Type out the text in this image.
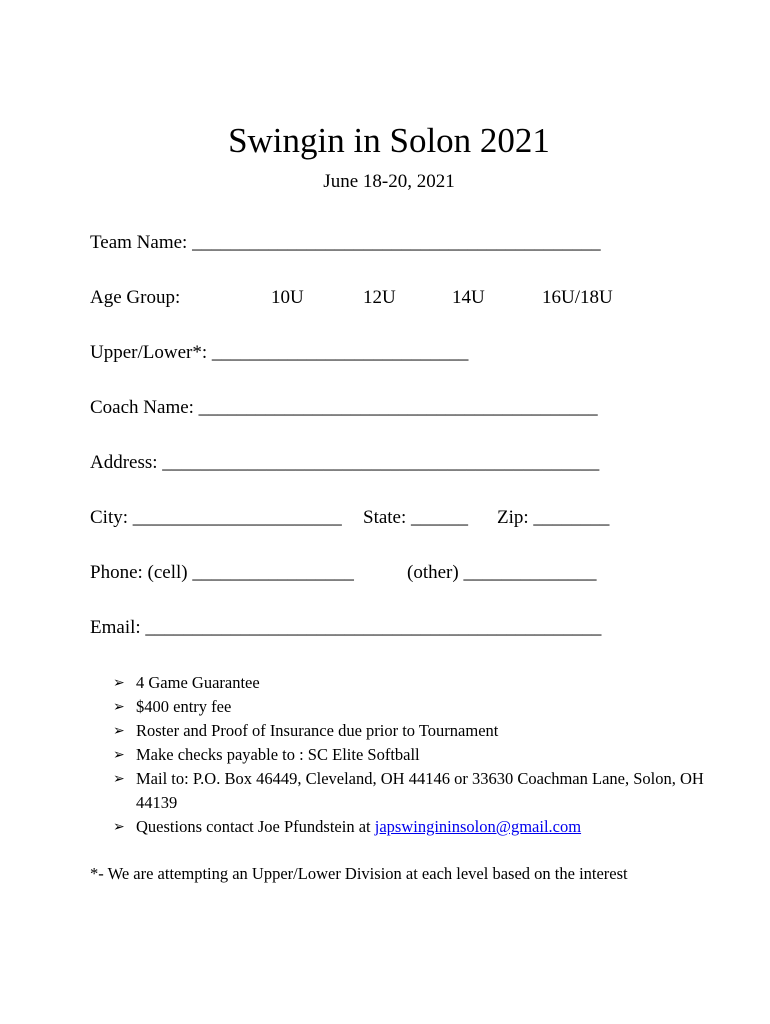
Swingin in Solon 2021
June 18-20, 2021
Team Name: ___________________________________________
Age Group:	10U	12U	14U	16U/18U
Upper/Lower*: ___________________________
Coach Name: __________________________________________
Address: ______________________________________________
City: ______________________ State: ______ Zip: ________
Phone: (cell) _________________	(other) ______________
Email: ________________________________________________
➢ 4 Game Guarantee
➢ $400 entry fee
➢ Roster and Proof of Insurance due prior to Tournament
➢ Make checks payable to : SC Elite Softball
➢ Mail to: P.O. Box 46449, Cleveland, OH 44146 or 33630 Coachman Lane, Solon, OH 44139
➢ Questions contact Joe Pfundstein at japswingininsolon@gmail.com
*- We are attempting an Upper/Lower Division at each level based on the interest
